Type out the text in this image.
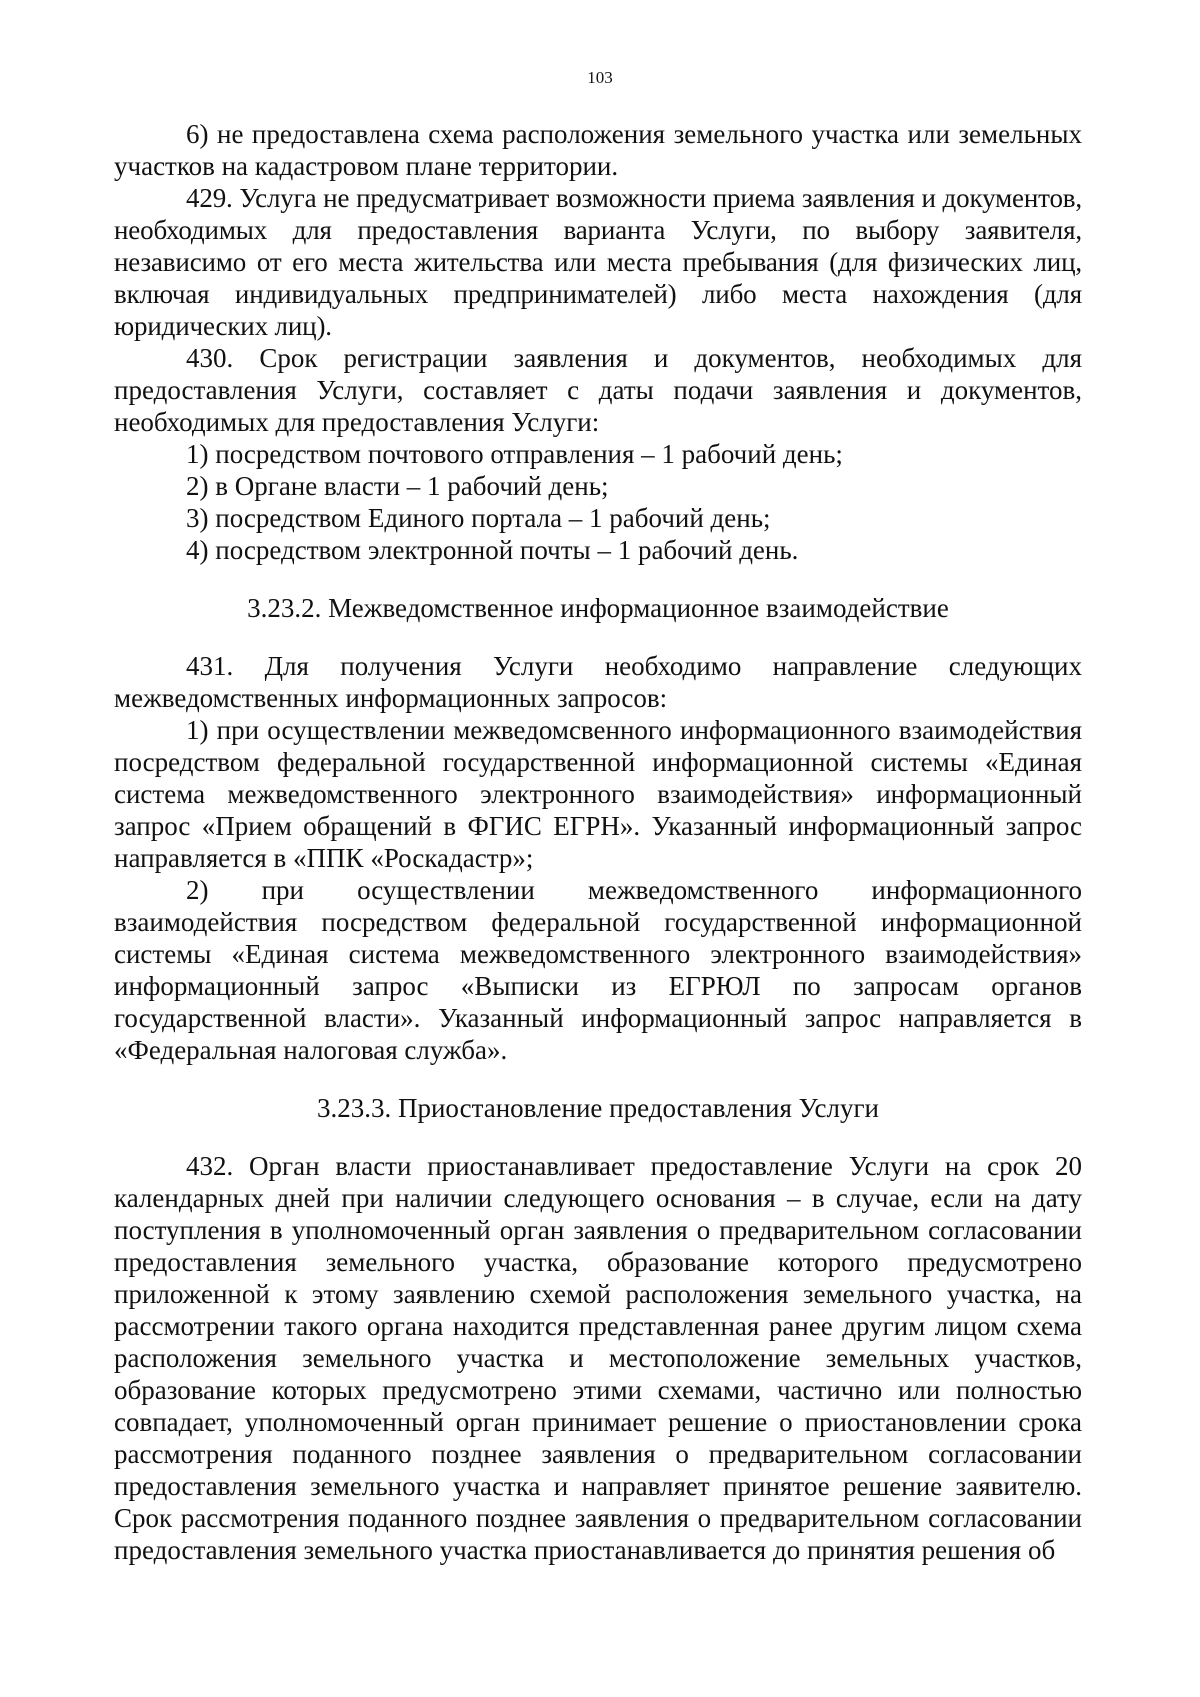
103

6) не предоставлена схема расположения земельного участка или земельных участков на кадастровом плане территории.

429. Услуга не предусматривает возможности приема заявления и документов, необходимых для предоставления варианта Услуги, по выбору заявителя, независимо от его места жительства или места пребывания (для физических лиц, включая индивидуальных предпринимателей) либо места нахождения (для юридических лиц).

430. Срок регистрации заявления и документов, необходимых для предоставления Услуги, составляет с даты подачи заявления и документов, необходимых для предоставления Услуги:

1) посредством почтового отправления – 1 рабочий день;

2) в Органе власти – 1 рабочий день;

3) посредством Единого портала – 1 рабочий день;

4) посредством электронной почты – 1 рабочий день.

3.23.2. Межведомственное информационное взаимодействие

431. Для получения Услуги необходимо направление следующих межведомственных информационных запросов:

1) при осуществлении межведомсвенного информационного взаимодействия посредством федеральной государственной информационной системы «Единая система межведомственного электронного взаимодействия» информационный запрос «Прием обращений в ФГИС ЕГРН». Указанный информационный запрос направляется в «ППК «Роскадастр»;

2) при осуществлении межведомственного информационного взаимодействия посредством федеральной государственной информационной системы «Единая система межведомственного электронного взаимодействия» информационный запрос «Выписки из ЕГРЮЛ по запросам органов государственной власти». Указанный информационный запрос направляется в «Федеральная налоговая служба».

3.23.3. Приостановление предоставления Услуги

432. Орган власти приостанавливает предоставление Услуги на срок 20 календарных дней при наличии следующего основания – в случае, если на дату поступления в уполномоченный орган заявления о предварительном согласовании предоставления земельного участка, образование которого предусмотрено приложенной к этому заявлению схемой расположения земельного участка, на рассмотрении такого органа находится представленная ранее другим лицом схема расположения земельного участка и местоположение земельных участков, образование которых предусмотрено этими схемами, частично или полностью совпадает, уполномоченный орган принимает решение о приостановлении срока рассмотрения поданного позднее заявления о предварительном согласовании предоставления земельного участка и направляет принятое решение заявителю. Срок рассмотрения поданного позднее заявления о предварительном согласовании предоставления земельного участка приостанавливается до принятия решения об
